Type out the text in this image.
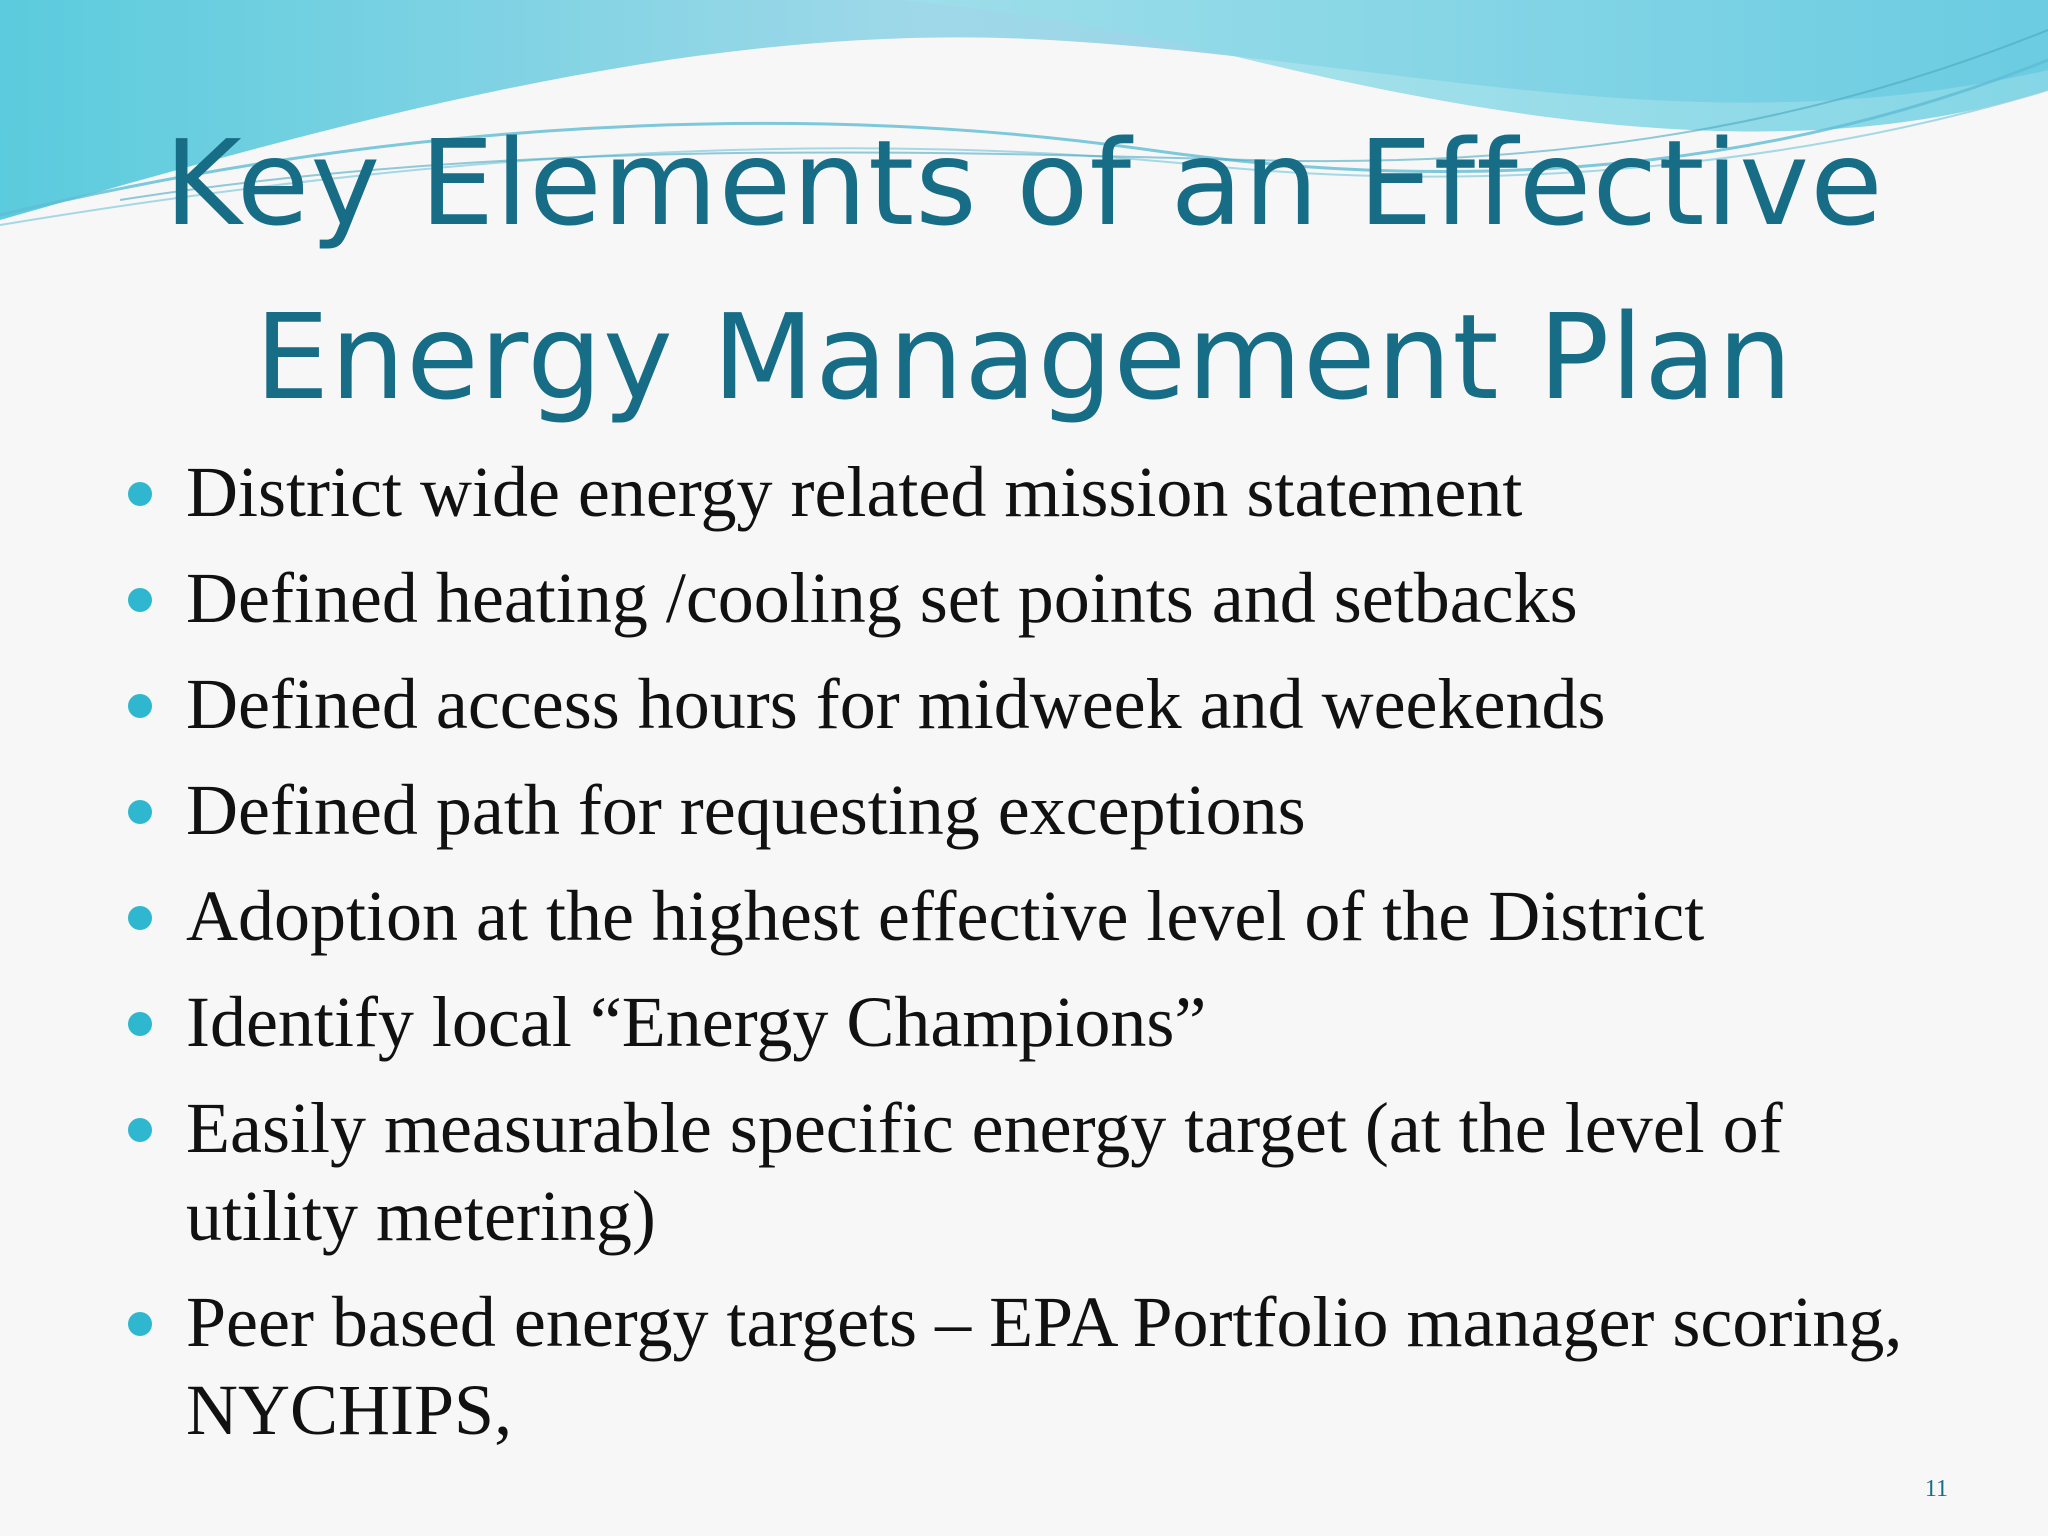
Key Elements of an Effective
Energy Management Plan
District wide energy related mission statement
Defined heating /cooling set points and setbacks
Defined access hours for midweek and weekends
Defined path for requesting exceptions
Adoption at the highest effective level of the District
Identify local “Energy Champions”
Easily measurable specific energy target (at the level of utility metering)
Peer based energy targets – EPA Portfolio manager scoring, NYCHIPS,
11
